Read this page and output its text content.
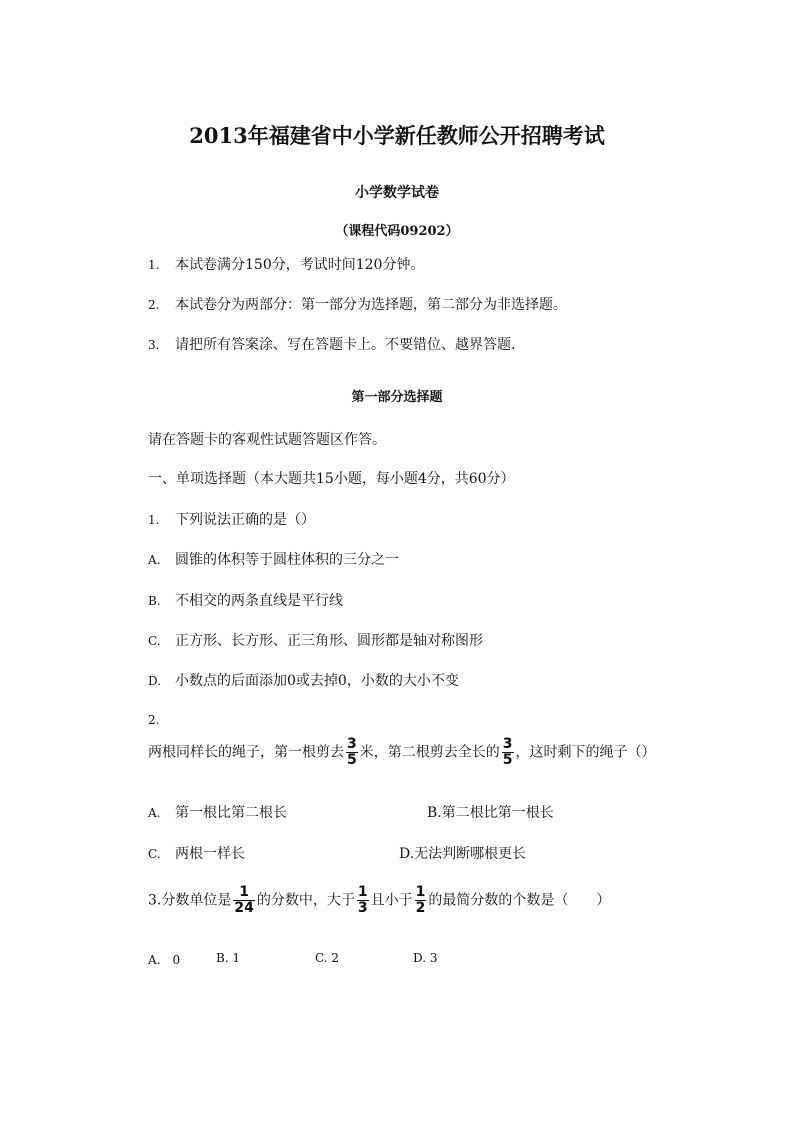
2013年福建省中小学新任教师公开招聘考试
小学数学试卷
（课程代码09202）
1. 本试卷满分150分，考试时间120分钟。
2. 本试卷分为两部分：第一部分为选择题，第二部分为非选择题。
3. 请把所有答案涂、写在答题卡上。不要错位、越界答题.
第一部分选择题
请在答题卡的客观性试题答题区作答。
一、单项选择题（本大题共15小题，每小题4分，共60分）
1. 下列说法正确的是（）
A. 圆锥的体积等于圆柱体积的三分之一
B. 不相交的两条直线是平行线
C. 正方形、长方形、正三角形、圆形都是轴对称图形
D. 小数点的后面添加0或去掉0，小数的大小不变
2.
两根同样长的绳子，第一根剪去 $\frac{3}{5}$ 米，第二根剪去全长的 $\frac{3}{5}$ ，这时剩下的绳子（）
A. 第一根比第二根长	B.第二根比第一根长
C. 两根一样长	D.无法判断哪根更长
3.分数单位是 $\frac{1}{24}$ 的分数中，大于 $\frac{1}{3}$ 且小于 $\frac{1}{2}$ 的最简分数的个数是（　　）
A.　0	B. 1	C. 2	D. 3
